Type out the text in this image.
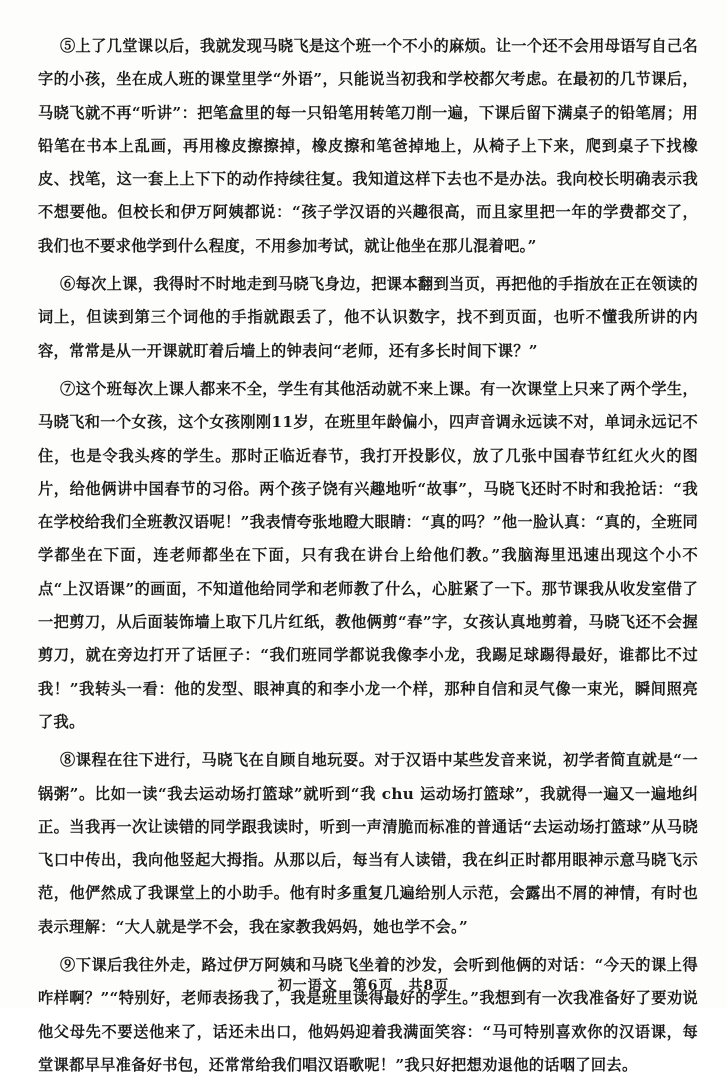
⑤上了几堂课以后，我就发现马晓飞是这个班一个不小的麻烦。让一个还不会用母语写自己名字的小孩，坐在成人班的课堂里学“外语”，只能说当初我和学校都欠考虑。在最初的几节课后，马晓飞就不再“听讲”：把笔盒里的每一只铅笔用转笔刀削一遍，下课后留下满桌子的铅笔屑；用铅笔在书本上乱画，再用橡皮擦擦掉，橡皮擦和笔爸掉地上，从椅子上下来，爬到桌子下找橡皮、找笔，这一套上上下下的动作持续往复。我知道这样下去也不是办法。我向校长明确表示我不想要他。但校长和伊万阿姨都说：“孩子学汉语的兴趣很高，而且家里把一年的学费都交了，我们也不要求他学到什么程度，不用参加考试，就让他坐在那儿混着吧。”

⑥每次上课，我得时不时地走到马晓飞身边，把课本翻到当页，再把他的手指放在正在领读的词上，但读到第三个词他的手指就跟丢了，他不认识数字，找不到页面，也听不懂我所讲的内容，常常是从一开课就盯着后墙上的钟表问“老师，还有多长时间下课？”

⑦这个班每次上课人都来不全，学生有其他活动就不来上课。有一次课堂上只来了两个学生，马晓飞和一个女孩，这个女孩刚刚11岁，在班里年龄偏小，四声音调永远读不对，单词永远记不住，也是令我头疼的学生。那时正临近春节，我打开投影仪，放了几张中国春节红红火火的图片，给他俩讲中国春节的习俗。两个孩子饶有兴趣地听“故事”，马晓飞还时不时和我抢话：“我在学校给我们全班教汉语呢！”我表情夸张地瞪大眼睛：“真的吗？”他一脸认真：“真的，全班同学都坐在下面，连老师都坐在下面，只有我在讲台上给他们教。”我脑海里迅速出现这个小不点“上汉语课”的画面，不知道他给同学和老师教了什么，心脏紧了一下。那节课我从收发室借了一把剪刀，从后面装饰墙上取下几片红纸，教他俩剪“春”字，女孩认真地剪着，马晓飞还不会握剪刀，就在旁边打开了话匣子：“我们班同学都说我像李小龙，我踢足球踢得最好，谁都比不过我！”我转头一看：他的发型、眼神真的和李小龙一个样，那种自信和灵气像一束光，瞬间照亮了我。

⑧课程在往下进行，马晓飞在自顾自地玩耍。对于汉语中某些发音来说，初学者简直就是“一锅粥”。比如一读“我去运动场打篮球”就听到“我 chu 运动场打篮球”，我就得一遍又一遍地纠正。当我再一次让读错的同学跟我读时，听到一声清脆而标准的普通话“去运动场打篮球”从马晓飞口中传出，我向他竖起大拇指。从那以后，每当有人读错，我在纠正时都用眼神示意马晓飞示范，他俨然成了我课堂上的小助手。他有时多重复几遍给别人示范，会露出不屑的神情，有时也表示理解：“大人就是学不会，我在家教我妈妈，她也学不会。”

⑨下课后我往外走，路过伊万阿姨和马晓飞坐着的沙发，会听到他俩的对话：“今天的课上得咋样啊？”“特别好，老师表扬我了，我是班里读得最好的学生。”我想到有一次我准备好了要劝说他父母先不要送他来了，话还未出口，他妈妈迎着我满面笑容：“马可特别喜欢你的汉语课，每堂课都早早准备好书包，还常常给我们唱汉语歌呢！”我只好把想劝退他的话咽了回去。

初一语文　第6页　共8页
